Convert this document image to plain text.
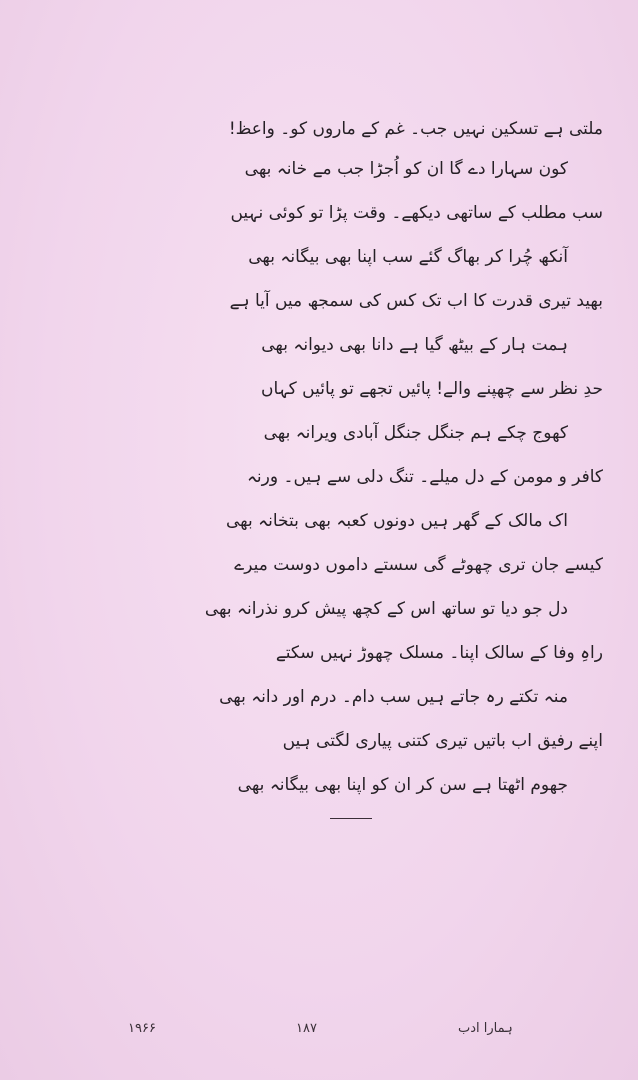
ملتی ہے تسکین نہیں جب۔ غم کے ماروں کو۔ واعظ!
کون سہارا دے گا ان کو اُجڑا جب مے خانہ بھی
سب مطلب کے ساتھی دیکھے۔ وقت پڑا تو کوئی نہیں
آنکھ چُرا کر بھاگ گئے سب اپنا بھی بیگانہ بھی
بھید تیری قدرت کا اب تک کس کی سمجھ میں آیا ہے
ہمت ہار کے بیٹھ گیا ہے دانا بھی دیوانہ بھی
حدِ نظر سے چھپنے والے! پائیں تجھے تو پائیں کہاں
کھوج چکے ہم جنگل جنگل آبادی ویرانہ بھی
کافر و مومن کے دل میلے۔ تنگ دلی سے ہیں۔ ورنہ
اک مالک کے گھر ہیں دونوں کعبہ بھی بتخانہ بھی
کیسے جان تری چھوٹے گی سستے داموں دوست میرے
دل جو دیا تو ساتھ اس کے کچھ پیش کرو نذرانہ بھی
راہِ وفا کے سالک اپنا۔ مسلک چھوڑ نہیں سکتے
منہ تکتے رہ جاتے ہیں سب دام۔ درم اور دانہ بھی
اپنے رفیق اب باتیں تیری کتنی پیاری لگتی ہیں
جھوم اٹھتا ہے سن کر ان کو اپنا بھی بیگانہ بھی
ہمارا ادب
۱۸۷
۱۹۶۶
